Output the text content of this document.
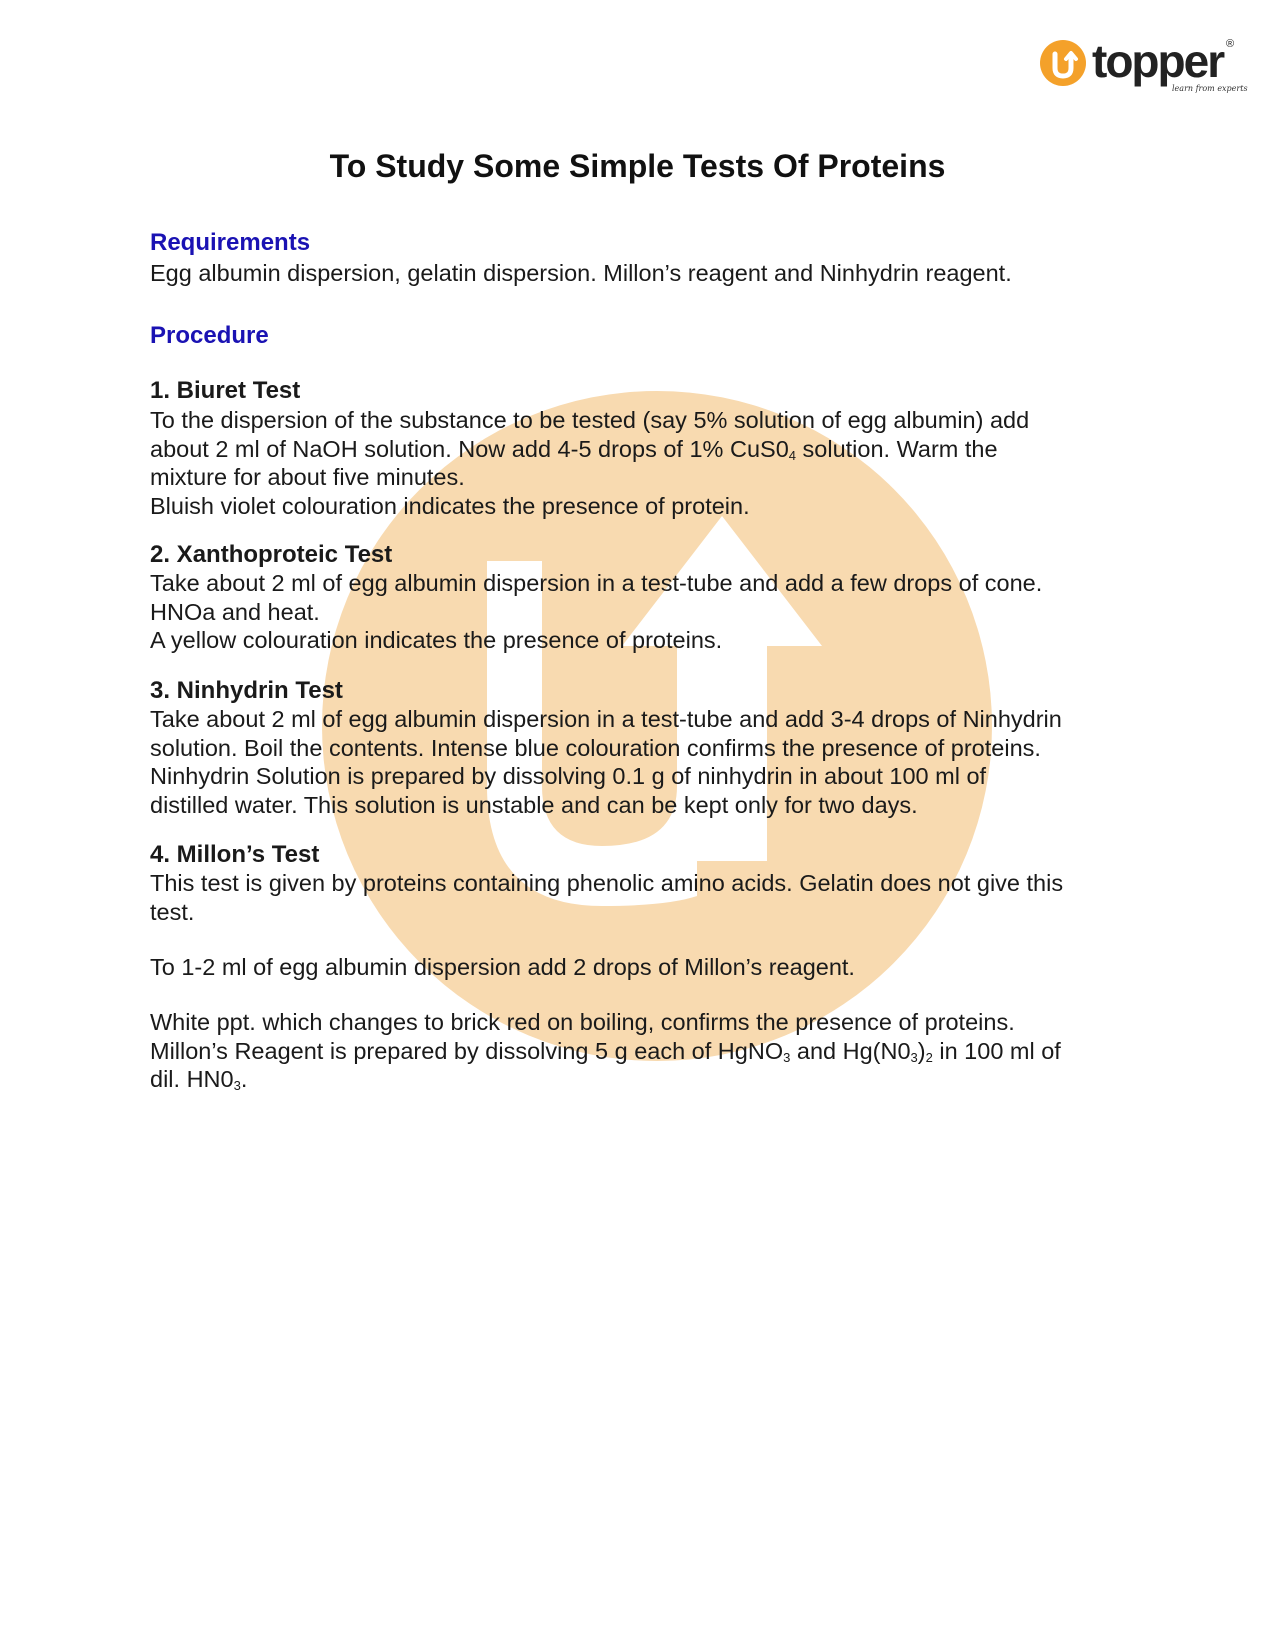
topper ®
learn from experts
To Study Some Simple Tests Of Proteins
Requirements

Egg albumin dispersion, gelatin dispersion. Millon’s reagent and Ninhydrin reagent.

Procedure
1. Biuret Test
To the dispersion of the substance to be tested (say 5% solution of egg albumin) add
about 2 ml of NaOH solution. Now add 4-5 drops of 1% $CuS0_4$ solution. Warm the
mixture for about five minutes.
Bluish violet colouration indicates the presence of protein.
2. Xanthoproteic Test
Take about 2 ml of egg albumin dispersion in a test-tube and add a few drops of cone.
HNOa and heat.
A yellow colouration indicates the presence of proteins.
3. Ninhydrin Test
Take about 2 ml of egg albumin dispersion in a test-tube and add 3-4 drops of Ninhydrin
solution. Boil the contents. Intense blue colouration confirms the presence of proteins.
Ninhydrin Solution is prepared by dissolving 0.1 g of ninhydrin in about 100 ml of
distilled water. This solution is unstable and can be kept only for two days.
4. Millon’s Test
This test is given by proteins containing phenolic amino acids. Gelatin does not give this
test.

To 1-2 ml of egg albumin dispersion add 2 drops of Millon’s reagent.

White ppt. which changes to brick red on boiling, confirms the presence of proteins.
Millon’s Reagent is prepared by dissolving 5 g each of HgNO$_3$ and $Hg(N0_3)_2$ in 100 ml of
dil. $HN0_3$.
